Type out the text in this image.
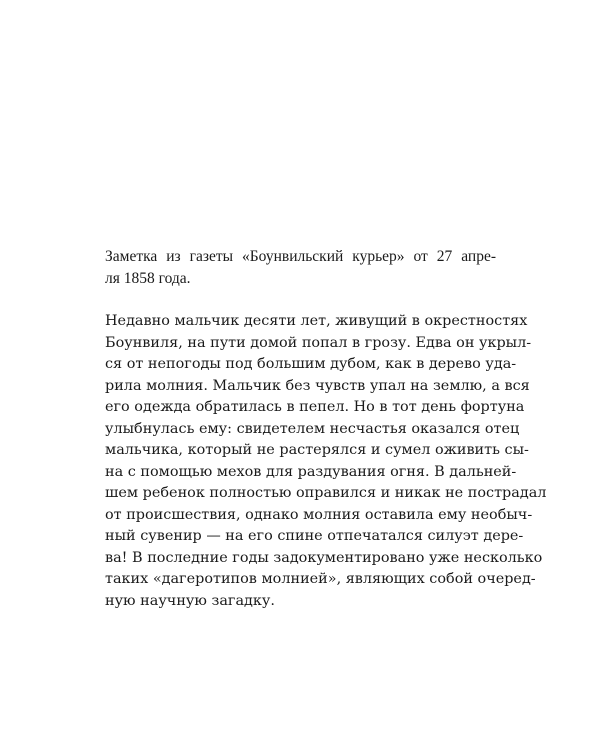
Заметка из газеты «Боунвильский курьер» от 27 апре-
ля 1858 года.
Недавно мальчик десяти лет, живущий в окрестностях
Боунвиля, на пути домой попал в грозу. Едва он укрыл-
ся от непогоды под большим дубом, как в дерево уда-
рила молния. Мальчик без чувств упал на землю, а вся
его одежда обратилась в пепел. Но в тот день фортуна
улыбнулась ему: свидетелем несчастья оказался отец
мальчика, который не растерялся и сумел оживить сы-
на с помощью мехов для раздувания огня. В дальней-
шем ребенок полностью оправился и никак не пострадал
от происшествия, однако молния оставила ему необыч-
ный сувенир — на его спине отпечатался силуэт дере-
ва! В последние годы задокументировано уже несколько
таких «дагеротипов молнией», являющих собой очеред-
ную научную загадку.
